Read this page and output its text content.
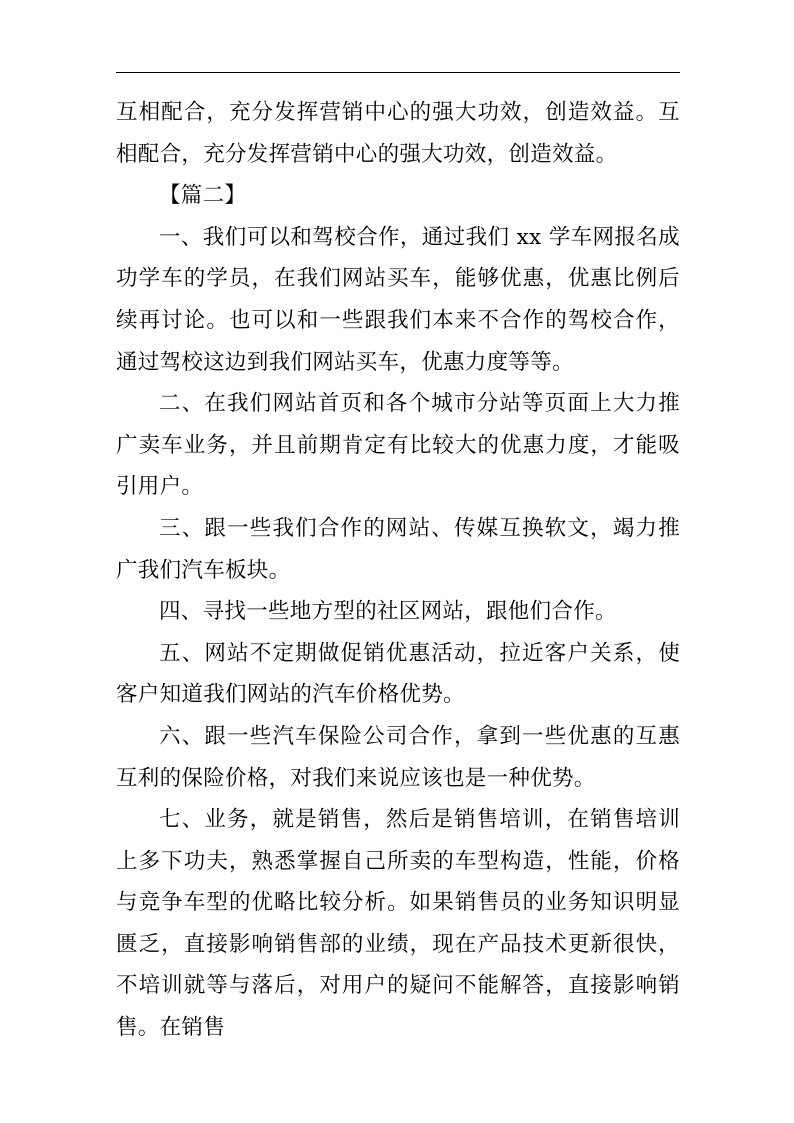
互相配合，充分发挥营销中心的强大功效，创造效益。互相配合，充分发挥营销中心的强大功效，创造效益。

【篇二】

一、我们可以和驾校合作，通过我们 xx 学车网报名成功学车的学员，在我们网站买车，能够优惠，优惠比例后续再讨论。也可以和一些跟我们本来不合作的驾校合作，通过驾校这边到我们网站买车，优惠力度等等。

二、在我们网站首页和各个城市分站等页面上大力推广卖车业务，并且前期肯定有比较大的优惠力度，才能吸引用户。

三、跟一些我们合作的网站、传媒互换软文，竭力推广我们汽车板块。

四、寻找一些地方型的社区网站，跟他们合作。

五、网站不定期做促销优惠活动，拉近客户关系，使客户知道我们网站的汽车价格优势。

六、跟一些汽车保险公司合作，拿到一些优惠的互惠互利的保险价格，对我们来说应该也是一种优势。

七、业务，就是销售，然后是销售培训，在销售培训上多下功夫，熟悉掌握自己所卖的车型构造，性能，价格与竞争车型的优略比较分析。如果销售员的业务知识明显匮乏，直接影响销售部的业绩，现在产品技术更新很快，不培训就等与落后，对用户的疑问不能解答，直接影响销售。在销售
